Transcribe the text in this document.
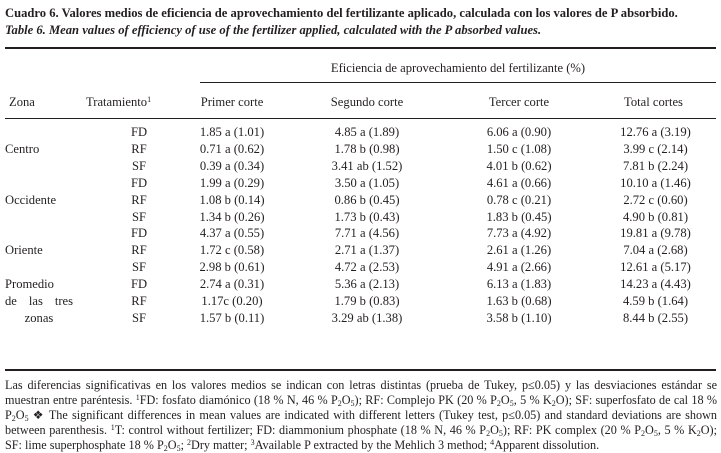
Cuadro 6. Valores medios de eficiencia de aprovechamiento del fertilizante aplicado, calculada con los valores de P absorbido.
Table 6. Mean values of efficiency of use of the fertilizer applied, calculated with the P absorbed values.
Eficiencia de aprovechamiento del fertilizante (%)
Zona	Tratamiento$^1$	Primer corte	Segundo corte	Tercer corte	Total cortes
Centro	FD	1.85 a (1.01)	4.85 a (1.89)	6.06 a (0.90)	12.76 a (3.19)
	RF	0.71 a (0.62)	1.78 b (0.98)	1.50 c (1.08)	3.99 c (2.14)
	SF	0.39 a (0.34)	3.41 ab (1.52)	4.01 b (0.62)	7.81 b (2.24)
Occidente	FD	1.99 a (0.29)	3.50 a (1.05)	4.61 a (0.66)	10.10 a (1.46)
	RF	1.08 b (0.14)	0.86 b (0.45)	0.78 c (0.21)	2.72 c (0.60)
	SF	1.34 b (0.26)	1.73 b (0.43)	1.83 b (0.45)	4.90 b (0.81)
Oriente	FD	4.37 a (0.55)	7.71 a (4.56)	7.73 a (4.92)	19.81 a (9.78)
	RF	1.72 c (0.58)	2.71 a (1.37)	2.61 a (1.26)	7.04 a (2.68)
	SF	2.98 b (0.61)	4.72 a (2.53)	4.91 a (2.66)	12.61 a (5.17)

Promedio
de las tres
zonas	FD	2.74 a (0.31)	5.36 a (2.13)	6.13 a (1.83)	14.23 a (4.43)
	RF	1.17c (0.20)	1.79 b (0.83)	1.63 b (0.68)	4.59 b (1.64)
	SF	1.57 b (0.11)	3.29 ab (1.38)	3.58 b (1.10)	8.44 b (2.55)

Las diferencias significativas en los valores medios se indican con letras distintas (prueba de Tukey, p≤0.05) y las desviaciones estándar se muestran entre paréntesis. $^1$FD: fosfato diamónico (18 % N, 46 % $P_2O_5$); RF: Complejo PK (20 % $P_2O_5$, 5 % $K_2O$); SF: superfosfato de cal 18 % $P_2O_5$ ❖ The significant differences in mean values are indicated with different letters (Tukey test, p≤0.05) and standard deviations are shown between parenthesis. $^1$T: control without fertilizer; FD: diammonium phosphate (18 % N, 46 % $P_2O_5$); RF: PK complex (20 % $P_2O_5$, 5 % $K_2O$); SF: lime superphosphate 18 % $P_2O_5$; $^2$Dry matter; $^3$Available P extracted by the Mehlich 3 method; $^4$Apparent dissolution.
